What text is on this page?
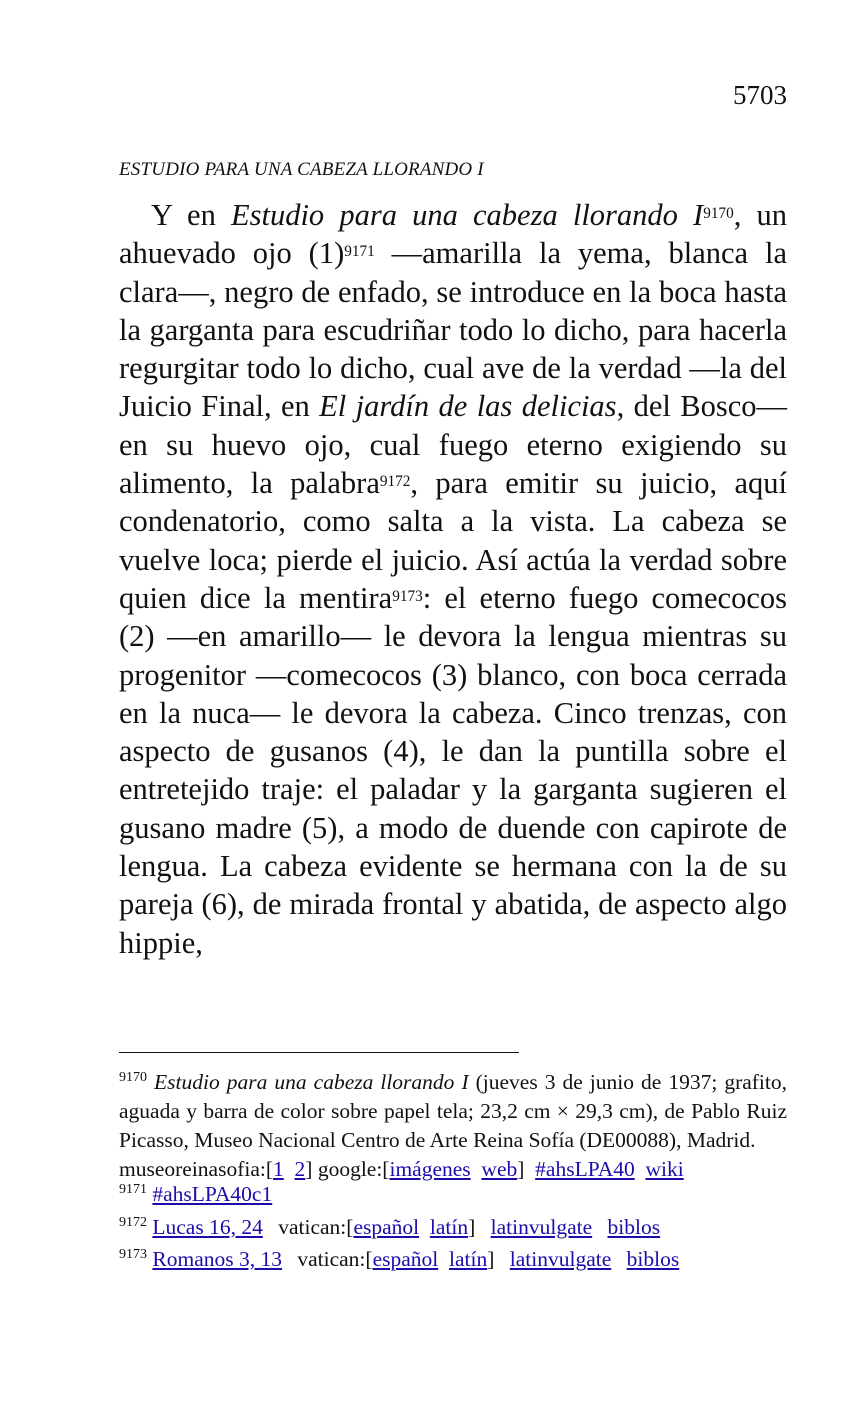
5703
ESTUDIO PARA UNA CABEZA LLORANDO I

Y en Estudio para una cabeza llorando $I^{9170}$, un ahuevado ojo $(1)^{9171}$ —amarilla la yema, blanca la clara—, negro de enfado, se introduce en la boca hasta la garganta para escudriñar todo lo dicho, para hacerla regurgitar todo lo dicho, cual ave de la verdad —la del Juicio Final, en El jardín de las delicias, del Bosco— en su huevo ojo, cual fuego eterno exigiendo su alimento, la palabra$^{9172}$, para emitir su juicio, aquí condenatorio, como salta a la vista. La cabeza se vuelve loca; pierde el juicio. Así actúa la verdad sobre quien dice la mentira$^{9173}$: el eterno fuego comecocos (2) —en amarillo— le devora la lengua mientras su progenitor —comecocos (3) blanco, con boca cerrada en la nuca— le devora la cabeza. Cinco trenzas, con aspecto de gusanos (4), le dan la puntilla sobre el entretejido traje: el paladar y la garganta sugieren el gusano madre (5), a modo de duende con capirote de lengua. La cabeza evidente se hermana con la de su pareja (6), de mirada frontal y abatida, de aspecto algo hippie,

$^{9170}$ Estudio para una cabeza llorando I (jueves 3 de junio de 1937; grafito, aguada y barra de color sobre papel tela; 23,2 cm × 29,3 cm), de Pablo Ruiz Picasso, Museo Nacional Centro de Arte Reina Sofía (DE00088), Madrid.

museoreinasofia:[1 2] google:[imágenes web] #ahsLPA40 wiki

$^{9171}$ #ahsLPA40c1

$^{9172}$ Lucas 16, 24 vatican:[español latín] latinvulgate biblos

$^{9173}$ Romanos 3, 13 vatican:[español latín] latinvulgate biblos
